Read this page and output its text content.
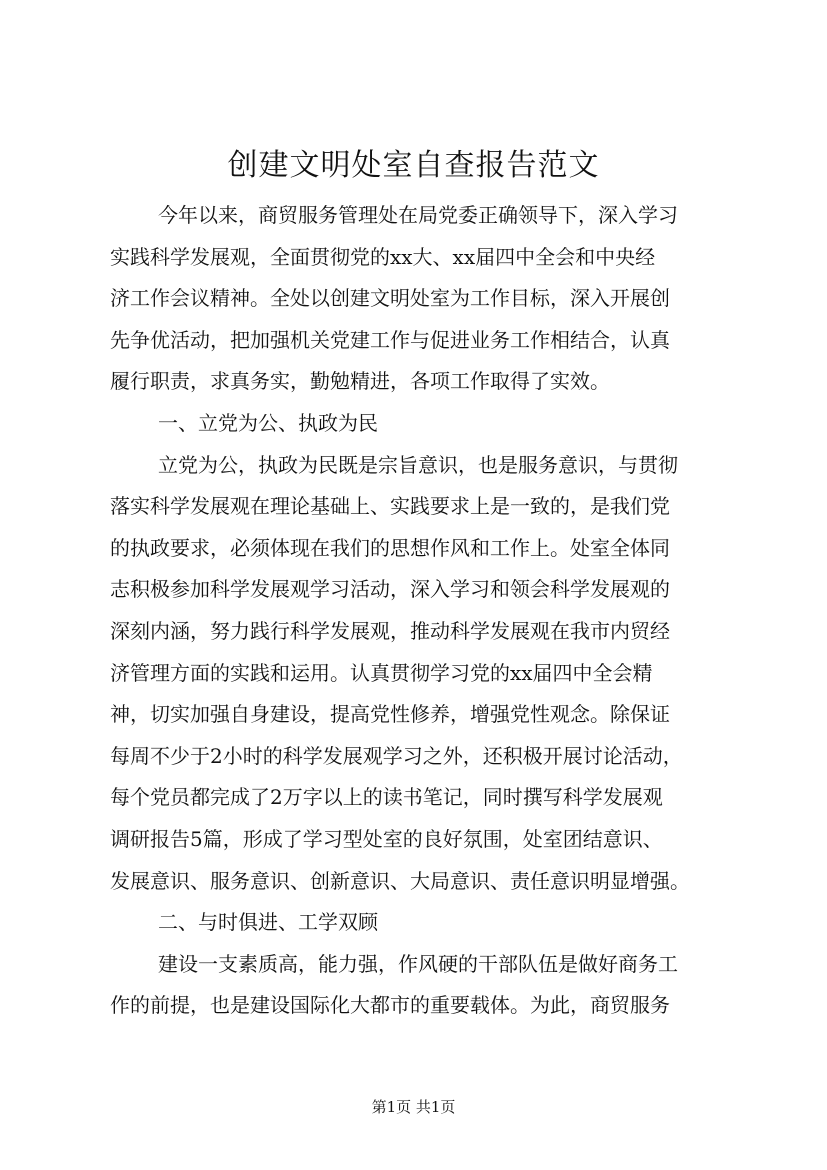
创建文明处室自查报告范文

今年以来，商贸服务管理处在局党委正确领导下，深入学习

实践科学发展观，全面贯彻党的xx大、xx届四中全会和中央经

济工作会议精神。全处以创建文明处室为工作目标，深入开展创

先争优活动，把加强机关党建工作与促进业务工作相结合，认真

履行职责，求真务实，勤勉精进，各项工作取得了实效。

一、立党为公、执政为民

立党为公，执政为民既是宗旨意识，也是服务意识，与贯彻

落实科学发展观在理论基础上、实践要求上是一致的，是我们党

的执政要求，必须体现在我们的思想作风和工作上。处室全体同

志积极参加科学发展观学习活动，深入学习和领会科学发展观的

深刻内涵，努力践行科学发展观，推动科学发展观在我市内贸经

济管理方面的实践和运用。认真贯彻学习党的xx届四中全会精

神，切实加强自身建设，提高党性修养，增强党性观念。除保证

每周不少于2小时的科学发展观学习之外，还积极开展讨论活动，

每个党员都完成了2万字以上的读书笔记，同时撰写科学发展观

调研报告5篇，形成了学习型处室的良好氛围，处室团结意识、

发展意识、服务意识、创新意识、大局意识、责任意识明显增强。

二、与时俱进、工学双顾

建设一支素质高，能力强，作风硬的干部队伍是做好商务工

作的前提，也是建设国际化大都市的重要载体。为此，商贸服务

第1页 共1页
